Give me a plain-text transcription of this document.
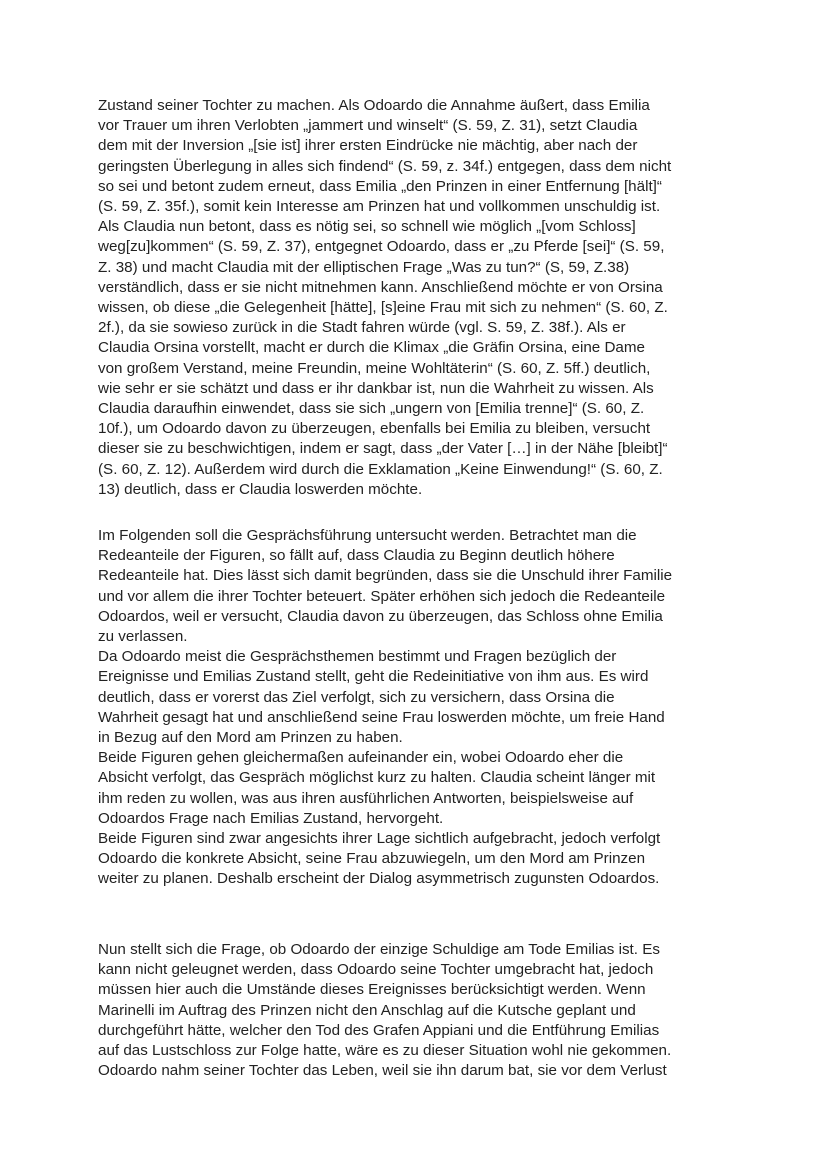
Zustand seiner Tochter zu machen. Als Odoardo die Annahme äußert, dass Emilia
vor Trauer um ihren Verlobten „jammert und winselt“ (S. 59, Z. 31), setzt Claudia
dem mit der Inversion „[sie ist] ihrer ersten Eindrücke nie mächtig, aber nach der
geringsten Überlegung in alles sich findend“ (S. 59, z. 34f.) entgegen, dass dem nicht
so sei und betont zudem erneut, dass Emilia „den Prinzen in einer Entfernung [hält]“
(S. 59, Z. 35f.), somit kein Interesse am Prinzen hat und vollkommen unschuldig ist.
Als Claudia nun betont, dass es nötig sei, so schnell wie möglich „[vom Schloss]
weg[zu]kommen“ (S. 59, Z. 37), entgegnet Odoardo, dass er „zu Pferde [sei]“ (S. 59,
Z. 38) und macht Claudia mit der elliptischen Frage „Was zu tun?“ (S, 59, Z.38)
verständlich, dass er sie nicht mitnehmen kann. Anschließend möchte er von Orsina
wissen, ob diese „die Gelegenheit [hätte], [s]eine Frau mit sich zu nehmen“ (S. 60, Z.
2f.), da sie sowieso zurück in die Stadt fahren würde (vgl. S. 59, Z. 38f.). Als er
Claudia Orsina vorstellt, macht er durch die Klimax „die Gräfin Orsina, eine Dame
von großem Verstand, meine Freundin, meine Wohltäterin“ (S. 60, Z. 5ff.) deutlich,
wie sehr er sie schätzt und dass er ihr dankbar ist, nun die Wahrheit zu wissen. Als
Claudia daraufhin einwendet, dass sie sich „ungern von [Emilia trenne]“ (S. 60, Z.
10f.), um Odoardo davon zu überzeugen, ebenfalls bei Emilia zu bleiben, versucht
dieser sie zu beschwichtigen, indem er sagt, dass „der Vater […] in der Nähe [bleibt]“
(S. 60, Z. 12). Außerdem wird durch die Exklamation „Keine Einwendung!“ (S. 60, Z.
13) deutlich, dass er Claudia loswerden möchte.
Im Folgenden soll die Gesprächsführung untersucht werden. Betrachtet man die
Redeanteile der Figuren, so fällt auf, dass Claudia zu Beginn deutlich höhere
Redeanteile hat. Dies lässt sich damit begründen, dass sie die Unschuld ihrer Familie
und vor allem die ihrer Tochter beteuert. Später erhöhen sich jedoch die Redeanteile
Odoardos, weil er versucht, Claudia davon zu überzeugen, das Schloss ohne Emilia
zu verlassen.
Da Odoardo meist die Gesprächsthemen bestimmt und Fragen bezüglich der
Ereignisse und Emilias Zustand stellt, geht die Redeinitiative von ihm aus. Es wird
deutlich, dass er vorerst das Ziel verfolgt, sich zu versichern, dass Orsina die
Wahrheit gesagt hat und anschließend seine Frau loswerden möchte, um freie Hand
in Bezug auf den Mord am Prinzen zu haben.
Beide Figuren gehen gleichermaßen aufeinander ein, wobei Odoardo eher die
Absicht verfolgt, das Gespräch möglichst kurz zu halten. Claudia scheint länger mit
ihm reden zu wollen, was aus ihren ausführlichen Antworten, beispielsweise auf
Odoardos Frage nach Emilias Zustand, hervorgeht.
Beide Figuren sind zwar angesichts ihrer Lage sichtlich aufgebracht, jedoch verfolgt
Odoardo die konkrete Absicht, seine Frau abzuwiegeln, um den Mord am Prinzen
weiter zu planen. Deshalb erscheint der Dialog asymmetrisch zugunsten Odoardos.
Nun stellt sich die Frage, ob Odoardo der einzige Schuldige am Tode Emilias ist. Es
kann nicht geleugnet werden, dass Odoardo seine Tochter umgebracht hat, jedoch
müssen hier auch die Umstände dieses Ereignisses berücksichtigt werden. Wenn
Marinelli im Auftrag des Prinzen nicht den Anschlag auf die Kutsche geplant und
durchgeführt hätte, welcher den Tod des Grafen Appiani und die Entführung Emilias
auf das Lustschloss zur Folge hatte, wäre es zu dieser Situation wohl nie gekommen.
Odoardo nahm seiner Tochter das Leben, weil sie ihn darum bat, sie vor dem Verlust
